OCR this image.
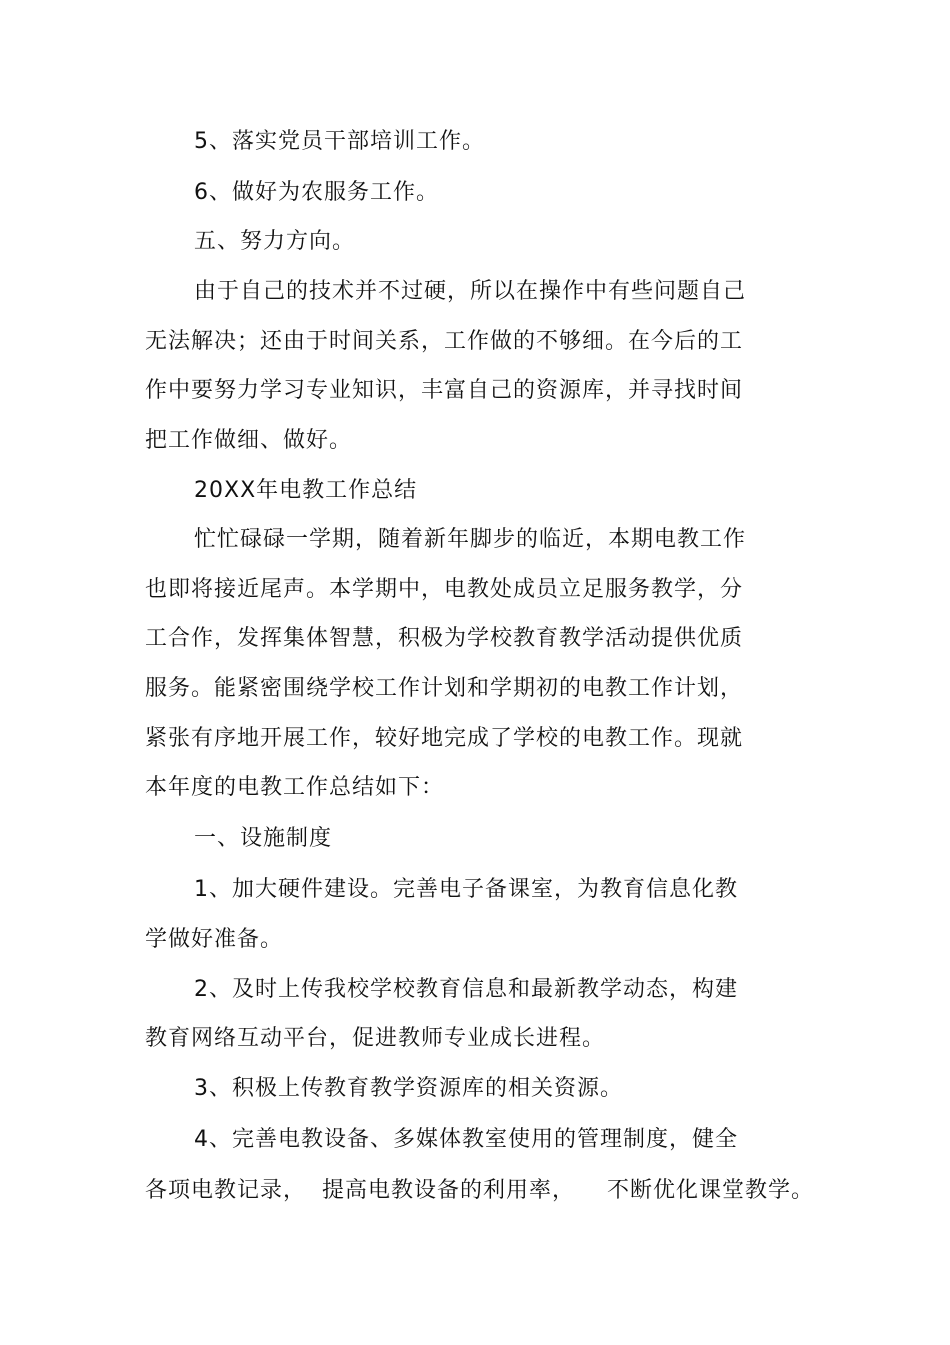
5、落实党员干部培训工作。
6、做好为农服务工作。
五、努力方向。
由于自己的技术并不过硬，所以在操作中有些问题自己
无法解决；还由于时间关系，工作做的不够细。在今后的工
作中要努力学习专业知识，丰富自己的资源库，并寻找时间
把工作做细、做好。
20XX年电教工作总结
忙忙碌碌一学期，随着新年脚步的临近，本期电教工作
也即将接近尾声。本学期中，电教处成员立足服务教学，分
工合作，发挥集体智慧，积极为学校教育教学活动提供优质
服务。能紧密围绕学校工作计划和学期初的电教工作计划，
紧张有序地开展工作，较好地完成了学校的电教工作。现就
本年度的电教工作总结如下：
一、设施制度
1、加大硬件建设。完善电子备课室，为教育信息化教
学做好准备。
2、及时上传我校学校教育信息和最新教学动态，构建
教育网络互动平台，促进教师专业成长进程。
3、积极上传教育教学资源库的相关资源。
4、完善电教设备、多媒体教室使用的管理制度，健全
各项电教记录，  提高电教设备的利用率，    不断优化课堂教学。
